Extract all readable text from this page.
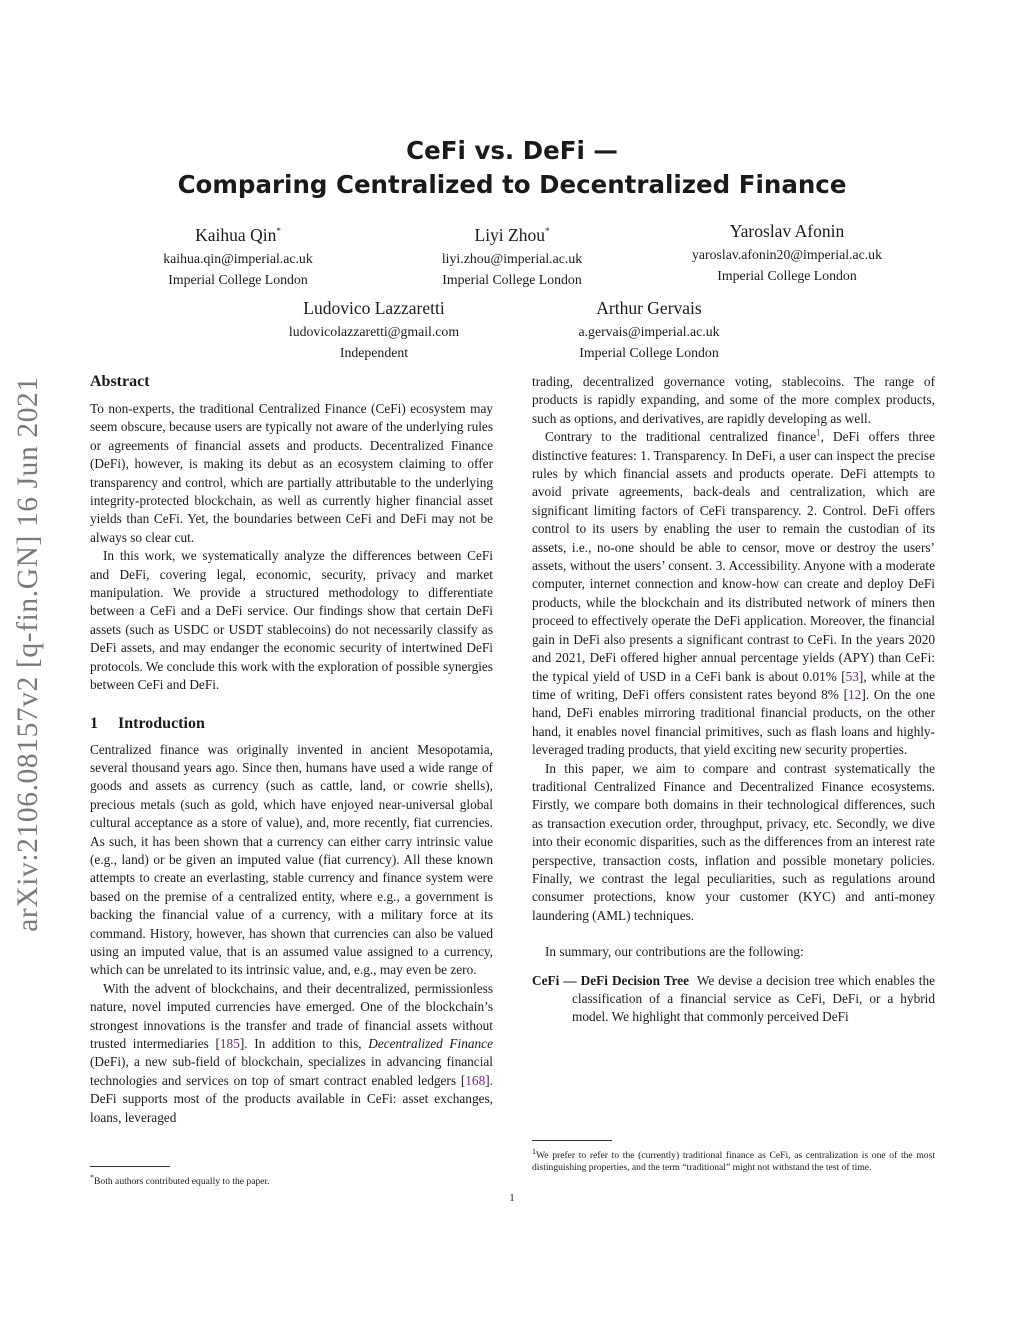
arXiv:2106.08157v2 [q-fin.GN] 16 Jun 2021
CeFi vs. DeFi —
Comparing Centralized to Decentralized Finance
Kaihua Qin*
kaihua.qin@imperial.ac.uk
Imperial College London
Liyi Zhou*
liyi.zhou@imperial.ac.uk
Imperial College London
Yaroslav Afonin
yaroslav.afonin20@imperial.ac.uk
Imperial College London
Ludovico Lazzaretti
ludovicolazzaretti@gmail.com
Independent
Arthur Gervais
a.gervais@imperial.ac.uk
Imperial College London
Abstract

To non-experts, the traditional Centralized Finance (CeFi) ecosystem may seem obscure, because users are typically not aware of the underlying rules or agreements of financial assets and products. Decentralized Finance (DeFi), however, is making its debut as an ecosystem claiming to offer transparency and control, which are partially attributable to the underlying integrity-protected blockchain, as well as currently higher financial asset yields than CeFi. Yet, the boundaries between CeFi and DeFi may not be always so clear cut.

In this work, we systematically analyze the differences between CeFi and DeFi, covering legal, economic, security, privacy and market manipulation. We provide a structured methodology to differentiate between a CeFi and a DeFi service. Our findings show that certain DeFi assets (such as USDC or USDT stablecoins) do not necessarily classify as DeFi assets, and may endanger the economic security of intertwined DeFi protocols. We conclude this work with the exploration of possible synergies between CeFi and DeFi.

1 Introduction

Centralized finance was originally invented in ancient Mesopotamia, several thousand years ago. Since then, humans have used a wide range of goods and assets as currency (such as cattle, land, or cowrie shells), precious metals (such as gold, which have enjoyed near-universal global cultural acceptance as a store of value), and, more recently, fiat currencies. As such, it has been shown that a currency can either carry intrinsic value (e.g., land) or be given an imputed value (fiat currency). All these known attempts to create an everlasting, stable currency and finance system were based on the premise of a centralized entity, where e.g., a government is backing the financial value of a currency, with a military force at its command. History, however, has shown that currencies can also be valued using an imputed value, that is an assumed value assigned to a currency, which can be unrelated to its intrinsic value, and, e.g., may even be zero.

With the advent of blockchains, and their decentralized, permissionless nature, novel imputed currencies have emerged. One of the blockchain’s strongest innovations is the transfer and trade of financial assets without trusted intermediaries [185]. In addition to this, Decentralized Finance (DeFi), a new sub-field of blockchain, specializes in advancing financial technologies and services on top of smart contract enabled ledgers [168]. DeFi supports most of the products available in CeFi: asset exchanges, loans, leveraged

*Both authors contributed equally to the paper.

trading, decentralized governance voting, stablecoins. The range of products is rapidly expanding, and some of the more complex products, such as options, and derivatives, are rapidly developing as well.

Contrary to the traditional centralized finance$^1$, DeFi offers three distinctive features: 1. Transparency. In DeFi, a user can inspect the precise rules by which financial assets and products operate. DeFi attempts to avoid private agreements, back-deals and centralization, which are significant limiting factors of CeFi transparency. 2. Control. DeFi offers control to its users by enabling the user to remain the custodian of its assets, i.e., no-one should be able to censor, move or destroy the users’ assets, without the users’ consent. 3. Accessibility. Anyone with a moderate computer, internet connection and know-how can create and deploy DeFi products, while the blockchain and its distributed network of miners then proceed to effectively operate the DeFi application. Moreover, the financial gain in DeFi also presents a significant contrast to CeFi. In the years 2020 and 2021, DeFi offered higher annual percentage yields (APY) than CeFi: the typical yield of USD in a CeFi bank is about 0.01% [53], while at the time of writing, DeFi offers consistent rates beyond 8% [12]. On the one hand, DeFi enables mirroring traditional financial products, on the other hand, it enables novel financial primitives, such as flash loans and highly-leveraged trading products, that yield exciting new security properties.

In this paper, we aim to compare and contrast systematically the traditional Centralized Finance and Decentralized Finance ecosystems. Firstly, we compare both domains in their technological differences, such as transaction execution order, throughput, privacy, etc. Secondly, we dive into their economic disparities, such as the differences from an interest rate perspective, transaction costs, inflation and possible monetary policies. Finally, we contrast the legal peculiarities, such as regulations around consumer protections, know your customer (KYC) and anti-money laundering (AML) techniques.

In summary, our contributions are the following:

CeFi — DeFi Decision Tree We devise a decision tree which enables the classification of a financial service as CeFi, DeFi, or a hybrid model. We highlight that commonly perceived DeFi

$^1$We prefer to refer to the (currently) traditional finance as CeFi, as centralization is one of the most distinguishing properties, and the term “traditional” might not withstand the test of time.
1
